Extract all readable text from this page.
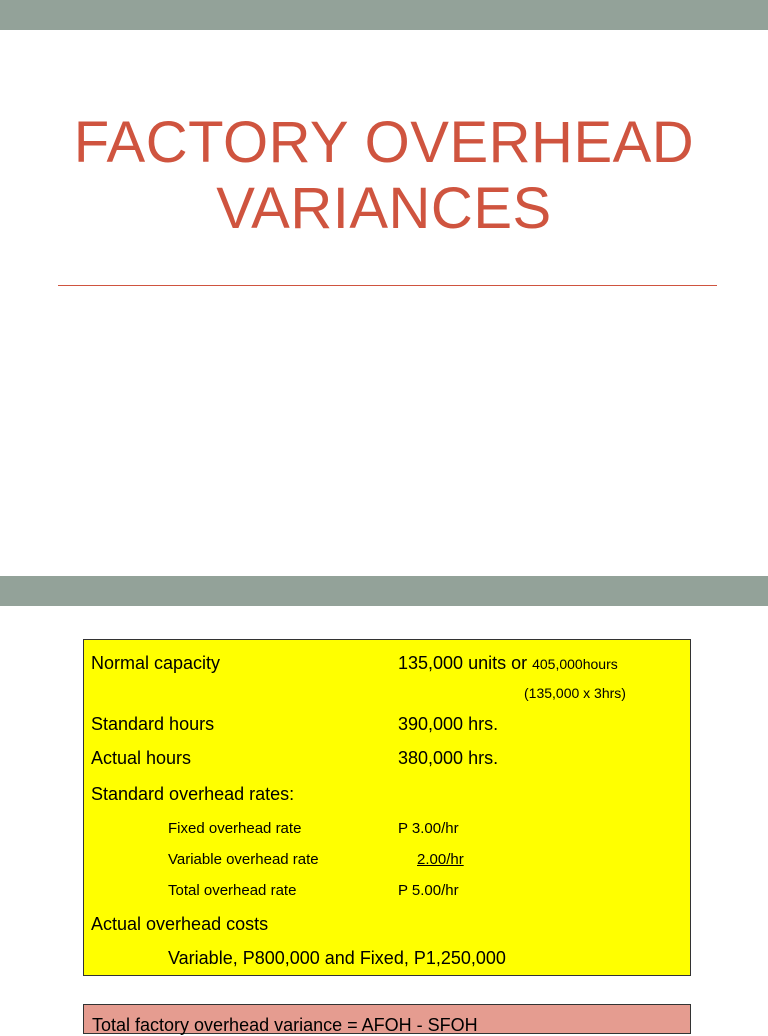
FACTORY OVERHEAD
VARIANCES
Normal capacity	135,000 units or 405,000hours
(135,000 x 3hrs)
Standard hours	390,000 hrs.
Actual hours	380,000 hrs.
Standard overhead rates:
Fixed overhead rate	P 3.00/hr
Variable overhead rate	2.00/hr
Total overhead rate	P 5.00/hr
Actual overhead costs
Variable, P800,000 and Fixed, P1,250,000
Total factory overhead variance = AFOH - SFOH
